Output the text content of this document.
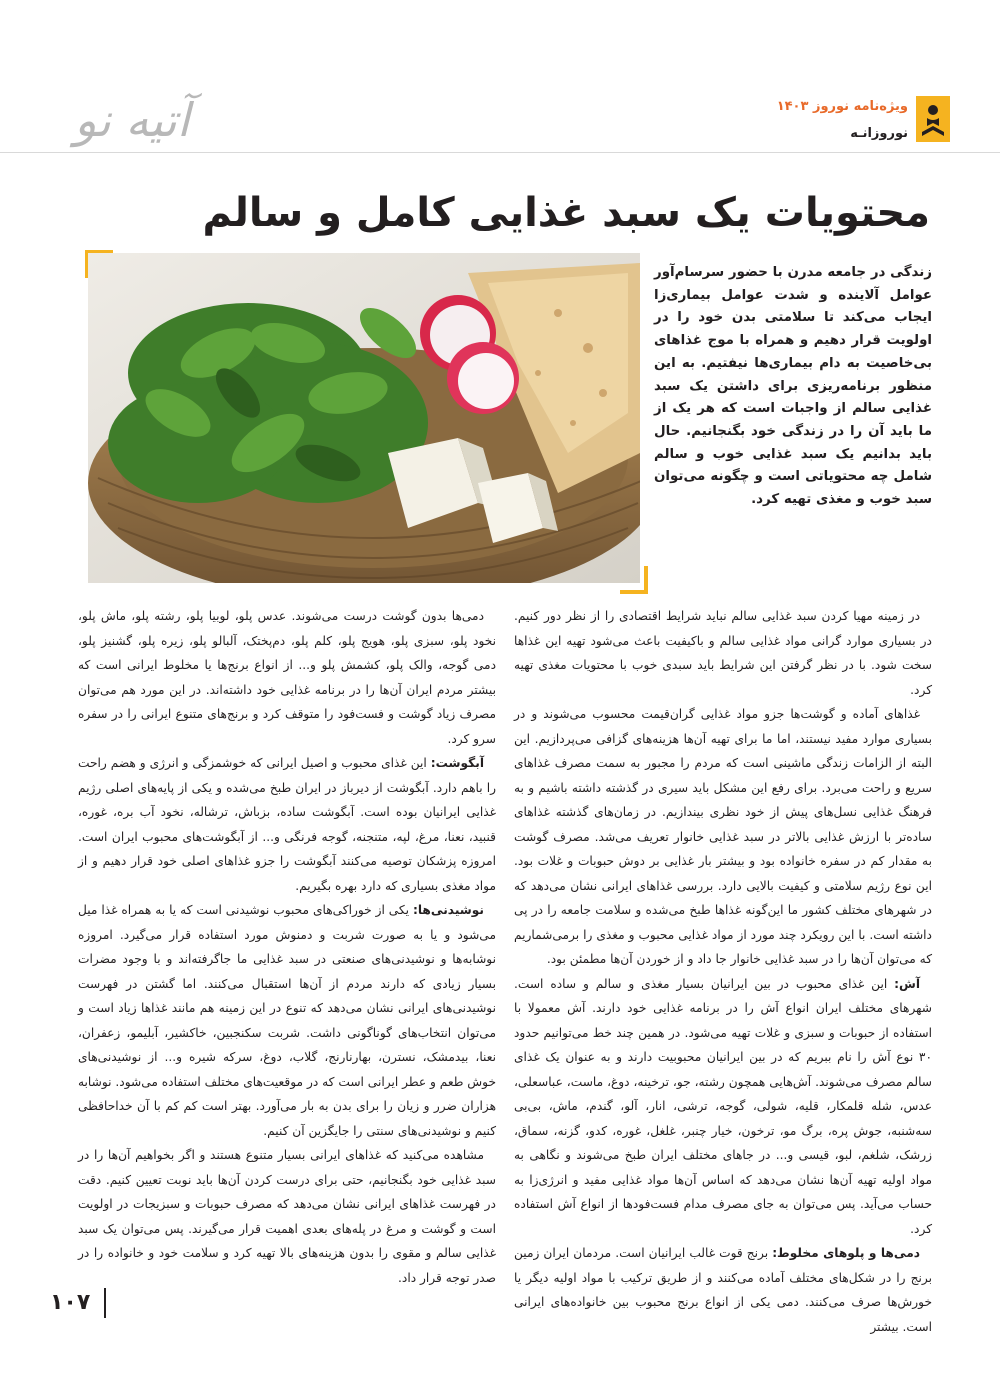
آتیه نو	ویژه‌نامه نوروز ۱۴۰۳
نوروزانـه
محتویات یک سبد غذایی کامل و سالم
زندگی در جامعه مدرن با حضور سرسام‌آور عوامل آلاینده و شدت عوامل بیماری‌زا ایجاب می‌کند تا سلامتی بدن خود را در اولویت قرار دهیم و همراه با موج غذاهای بی‌خاصیت به دام بیماری‌ها نیفتیم. به این منظور برنامه‌ریزی برای داشتن یک سبد غذایی سالم از واجبات است که هر یک از ما باید آن را در زندگی خود بگنجانیم. حال باید بدانیم یک سبد غذایی خوب و سالم شامل چه محتویاتی است و چگونه می‌توان سبد خوب و مغذی تهیه کرد.

در زمینه مهیا کردن سبد غذایی سالم نباید شرایط اقتصادی را از نظر دور کنیم. در بسیاری موارد گرانی مواد غذایی سالم و باکیفیت باعث می‌شود تهیه این غذاها سخت شود. با در نظر گرفتن این شرایط باید سبدی خوب با محتویات مغذی تهیه کرد.

غذاهای آماده و گوشت‌ها جزو مواد غذایی گران‌قیمت محسوب می‌شوند و در بسیاری موارد مفید نیستند، اما ما برای تهیه آن‌ها هزینه‌های گزافی می‌پردازیم. این البته از الزامات زندگی ماشینی است که مردم را مجبور به سمت مصرف غذاهای سریع و راحت می‌برد. برای رفع این مشکل باید سیری در گذشته داشته باشیم و به فرهنگ غذایی نسل‌های پیش از خود نظری بیندازیم. در زمان‌های گذشته غذاهای ساده‌تر با ارزش غذایی بالاتر در سبد غذایی خانوار تعریف می‌شد. مصرف گوشت به مقدار کم در سفره خانواده بود و بیشتر بار غذایی بر دوش حبوبات و غلات بود. این نوع رژیم سلامتی و کیفیت بالایی دارد. بررسی غذاهای ایرانی نشان می‌دهد که در شهرهای مختلف کشور ما این‌گونه غذاها طبخ می‌شده و سلامت جامعه را در پی داشته است. با این رویکرد چند مورد از مواد غذایی محبوب و مغذی را برمی‌شماریم که می‌توان آن‌ها را در سبد غذایی خانوار جا داد و از خوردن آن‌ها مطمئن بود.

آش: این غذای محبوب در بین ایرانیان بسیار مغذی و سالم و ساده است. شهرهای مختلف ایران انواع آش را در برنامه غذایی خود دارند. آش معمولا با استفاده از حبوبات و سبزی و غلات تهیه می‌شود. در همین چند خط می‌توانیم حدود ۳۰ نوع آش را نام ببریم که در بین ایرانیان محبوبیت دارند و به عنوان یک غذای سالم مصرف می‌شوند. آش‌هایی همچون رشته، جو، ترخینه، دوغ، ماست، عباسعلی، عدس، شله قلمکار، قلیه، شولی، گوجه، ترشی، انار، آلو، گندم، ماش، بی‌بی سه‌شنبه، جوش پره، برگ مو، ترخون، خیار چنبر، غلغل، غوره، کدو، گزنه، سماق، زرشک، شلغم، لبو، قیسی و... در جاهای مختلف ایران طبخ می‌شوند و نگاهی به مواد اولیه تهیه آن‌ها نشان می‌دهد که اساس آن‌ها مواد غذایی مفید و انرژی‌زا به حساب می‌آید. پس می‌توان به جای مصرف مدام فست‌فودها از انواع آش استفاده کرد.

دمی‌ها و پلوهای مخلوط: برنج قوت غالب ایرانیان است. مردمان ایران زمین برنج را در شکل‌های مختلف آماده می‌کنند و از طریق ترکیب با مواد اولیه دیگر یا خورش‌ها صرف می‌کنند. دمی یکی از انواع برنج محبوب بین خانواده‌های ایرانی است. بیشتر

دمی‌ها بدون گوشت درست می‌شوند. عدس پلو، لوبیا پلو، رشته پلو، ماش پلو، نخود پلو، سبزی پلو، هویج پلو، کلم پلو، دم‌پختک، آلبالو پلو، زیره پلو، گشنیز پلو، دمی گوجه، والک پلو، کشمش پلو و... از انواع برنج‌ها یا مخلوط ایرانی است که بیشتر مردم ایران آن‌ها را در برنامه غذایی خود داشته‌اند. در این مورد هم می‌توان مصرف زیاد گوشت و فست‌فود را متوقف کرد و برنج‌های متنوع ایرانی را در سفره سرو کرد.

آبگوشت: این غذای محبوب و اصیل ایرانی که خوشمزگی و انرژی و هضم راحت را باهم دارد. آبگوشت از دیرباز در ایران طبخ می‌شده و یکی از پایه‌های اصلی رژیم غذایی ایرانیان بوده است. آبگوشت ساده، بزباش، ترشاله، نخود آب بره، غوره، قنبید، نعنا، مرغ، لپه، متنجنه، گوجه فرنگی و... از آبگوشت‌های محبوب ایران است. امروزه پزشکان توصیه می‌کنند آبگوشت را جزو غذاهای اصلی خود قرار دهیم و از مواد مغذی بسیاری که دارد بهره بگیریم.

نوشیدنی‌ها: یکی از خوراکی‌های محبوب نوشیدنی است که یا به همراه غذا میل می‌شود و یا به صورت شربت و دمنوش مورد استفاده قرار می‌گیرد. امروزه نوشابه‌ها و نوشیدنی‌های صنعتی در سبد غذایی ما جاگرفته‌اند و با وجود مضرات بسیار زیادی که دارند مردم از آن‌ها استقبال می‌کنند. اما گشتن در فهرست نوشیدنی‌های ایرانی نشان می‌دهد که تنوع در این زمینه هم مانند غذاها زیاد است و می‌توان انتخاب‌های گوناگونی داشت. شربت سکنجبین، خاکشیر، آبلیمو، زعفران، نعنا، بیدمشک، نسترن، بهارنارنج، گلاب، دوغ، سرکه شیره و... از نوشیدنی‌های خوش طعم و عطر ایرانی است که در موقعیت‌های مختلف استفاده می‌شود. نوشابه هزاران ضرر و زیان را برای بدن به بار می‌آورد. بهتر است کم کم با آن خداحافظی کنیم و نوشیدنی‌های سنتی را جایگزین آن کنیم.

مشاهده می‌کنید که غذاهای ایرانی بسیار متنوع هستند و اگر بخواهیم آن‌ها را در سبد غذایی خود بگنجانیم، حتی برای درست کردن آن‌ها باید نوبت تعیین کنیم. دقت در فهرست غذاهای ایرانی نشان می‌دهد که مصرف حبوبات و سبزیجات در اولویت است و گوشت و مرغ در پله‌های بعدی اهمیت قرار می‌گیرند. پس می‌توان یک سبد غذایی سالم و مقوی را بدون هزینه‌های بالا تهیه کرد و سلامت خود و خانواده را در صدر توجه قرار داد.

۱۰۷
